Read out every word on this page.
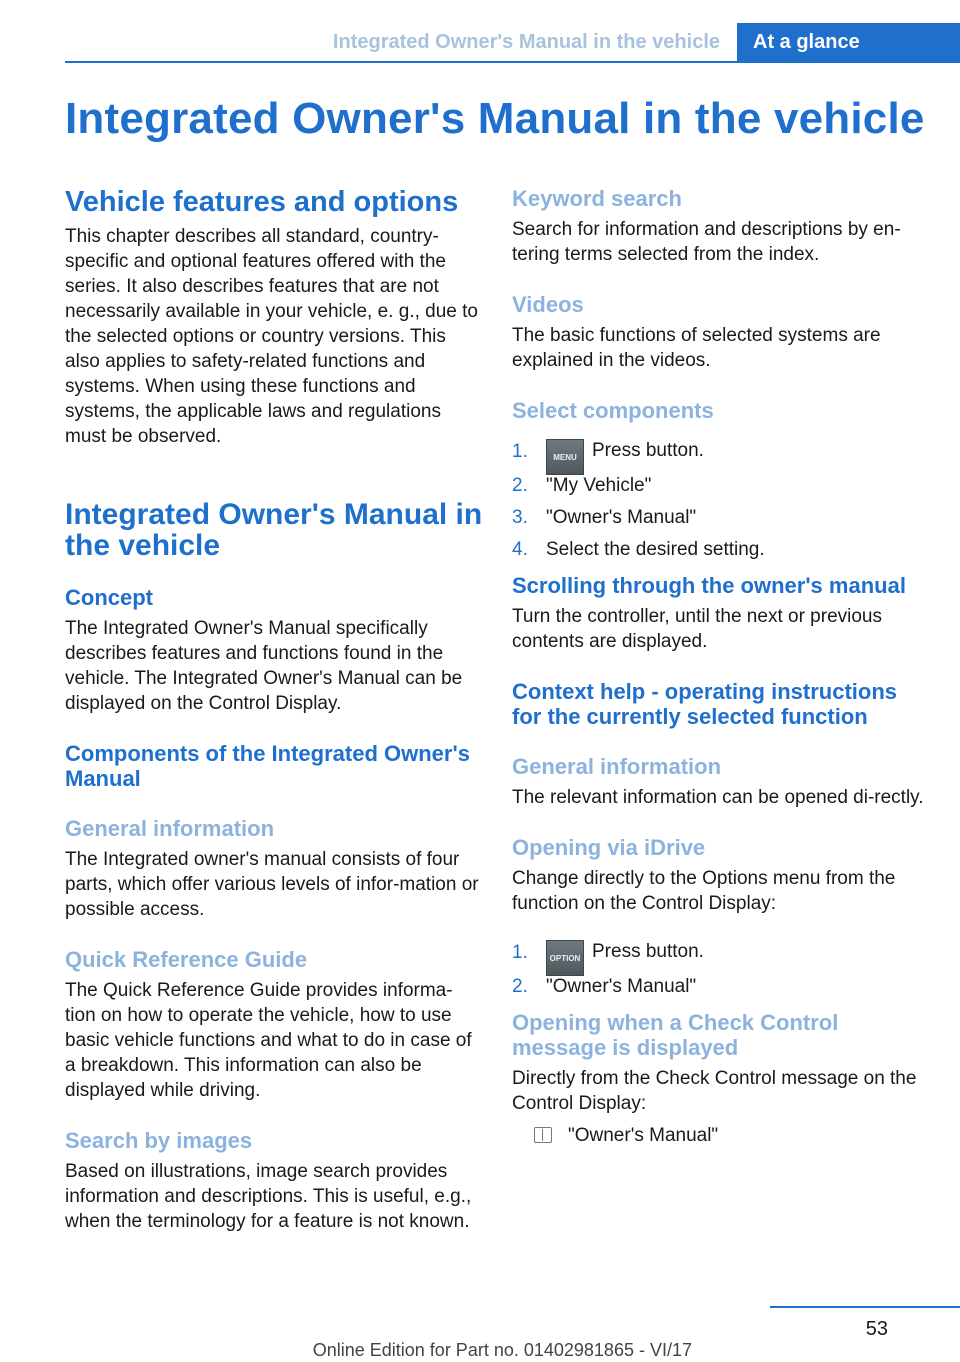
Integrated Owner's Manual in the vehicle	At a glance
Integrated Owner's Manual in the vehicle
Vehicle features and options

This chapter describes all standard, country-specific and optional features offered with the series. It also describes features that are not necessarily available in your vehicle, e. g., due to the selected options or country versions. This also applies to safety-related functions and systems. When using these functions and systems, the applicable laws and regulations must be observed.

Integrated Owner's Manual in the vehicle
Concept

The Integrated Owner's Manual specifically describes features and functions found in the vehicle. The Integrated Owner's Manual can be displayed on the Control Display.

Components of the Integrated Owner's Manual
General information

The Integrated owner's manual consists of four parts, which offer various levels of infor-mation or possible access.

Quick Reference Guide

The Quick Reference Guide provides informa-tion on how to operate the vehicle, how to use basic vehicle functions and what to do in case of a breakdown. This information can also be displayed while driving.

Search by images

Based on illustrations, image search provides information and descriptions. This is useful, e.g., when the terminology for a feature is not known.

Keyword search

Search for information and descriptions by en-tering terms selected from the index.

Videos

The basic functions of selected systems are explained in the videos.

Select components
1.	MENU Press button.
2. "My Vehicle"
3. "Owner's Manual"
4. Select the desired setting.
Scrolling through the owner's manual

Turn the controller, until the next or previous contents are displayed.

Context help - operating instructions for the currently selected function
General information

The relevant information can be opened di-rectly.

Opening via iDrive

Change directly to the Options menu from the function on the Control Display:

1.	OPTION Press button.
2. "Owner's Manual"
Opening when a Check Control message is displayed

Directly from the Check Control message on the Control Display:

"Owner's Manual"

53
Online Edition for Part no. 01402981865 - VI/17
